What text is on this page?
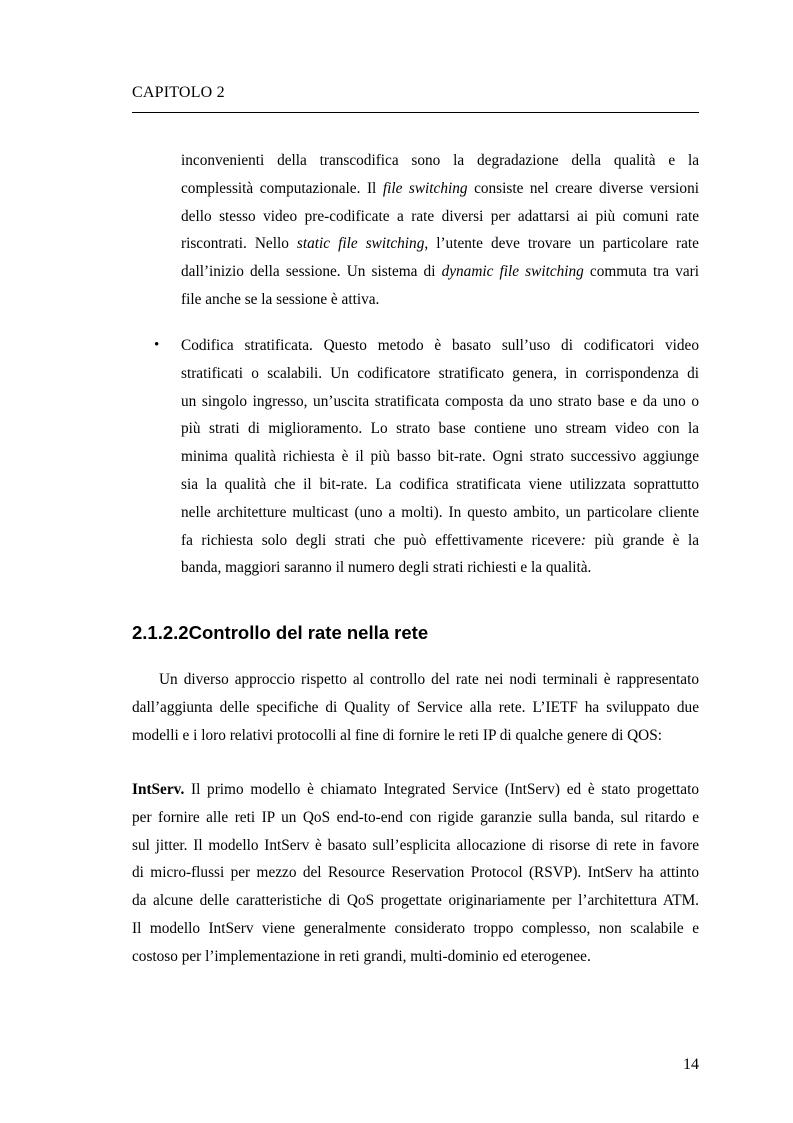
CAPITOLO 2
inconvenienti della transcodifica sono la degradazione della qualità e la
complessità computazionale. Il file switching consiste nel creare diverse versioni
dello stesso video pre-codificate a rate diversi per adattarsi ai più comuni rate
riscontrati. Nello static file switching, l’utente deve trovare un particolare rate
dall’inizio della sessione. Un sistema di dynamic file switching commuta tra vari
file anche se la sessione è attiva.
• Codifica stratificata. Questo metodo è basato sull’uso di codificatori video
stratificati o scalabili. Un codificatore stratificato genera, in corrispondenza di
un singolo ingresso, un’uscita stratificata composta da uno strato base e da uno o
più strati di miglioramento. Lo strato base contiene uno stream video con la
minima qualità richiesta è il più basso bit-rate. Ogni strato successivo aggiunge
sia la qualità che il bit-rate. La codifica stratificata viene utilizzata soprattutto
nelle architetture multicast (uno a molti). In questo ambito, un particolare cliente
fa richiesta solo degli strati che può effettivamente ricevere: più grande è la
banda, maggiori saranno il numero degli strati richiesti e la qualità.
2.1.2.2Controllo del rate nella rete
Un diverso approccio rispetto al controllo del rate nei nodi terminali è rappresentato
dall’aggiunta delle specifiche di Quality of Service alla rete. L’IETF ha sviluppato due
modelli e i loro relativi protocolli al fine di fornire le reti IP di qualche genere di QOS:
IntServ. Il primo modello è chiamato Integrated Service (IntServ) ed è stato progettato
per fornire alle reti IP un QoS end-to-end con rigide garanzie sulla banda, sul ritardo e
sul jitter. Il modello IntServ è basato sull’esplicita allocazione di risorse di rete in favore
di micro-flussi per mezzo del Resource Reservation Protocol (RSVP). IntServ ha attinto
da alcune delle caratteristiche di QoS progettate originariamente per l’architettura ATM.
Il modello IntServ viene generalmente considerato troppo complesso, non scalabile e
costoso per l’implementazione in reti grandi, multi-dominio ed eterogenee.
14
